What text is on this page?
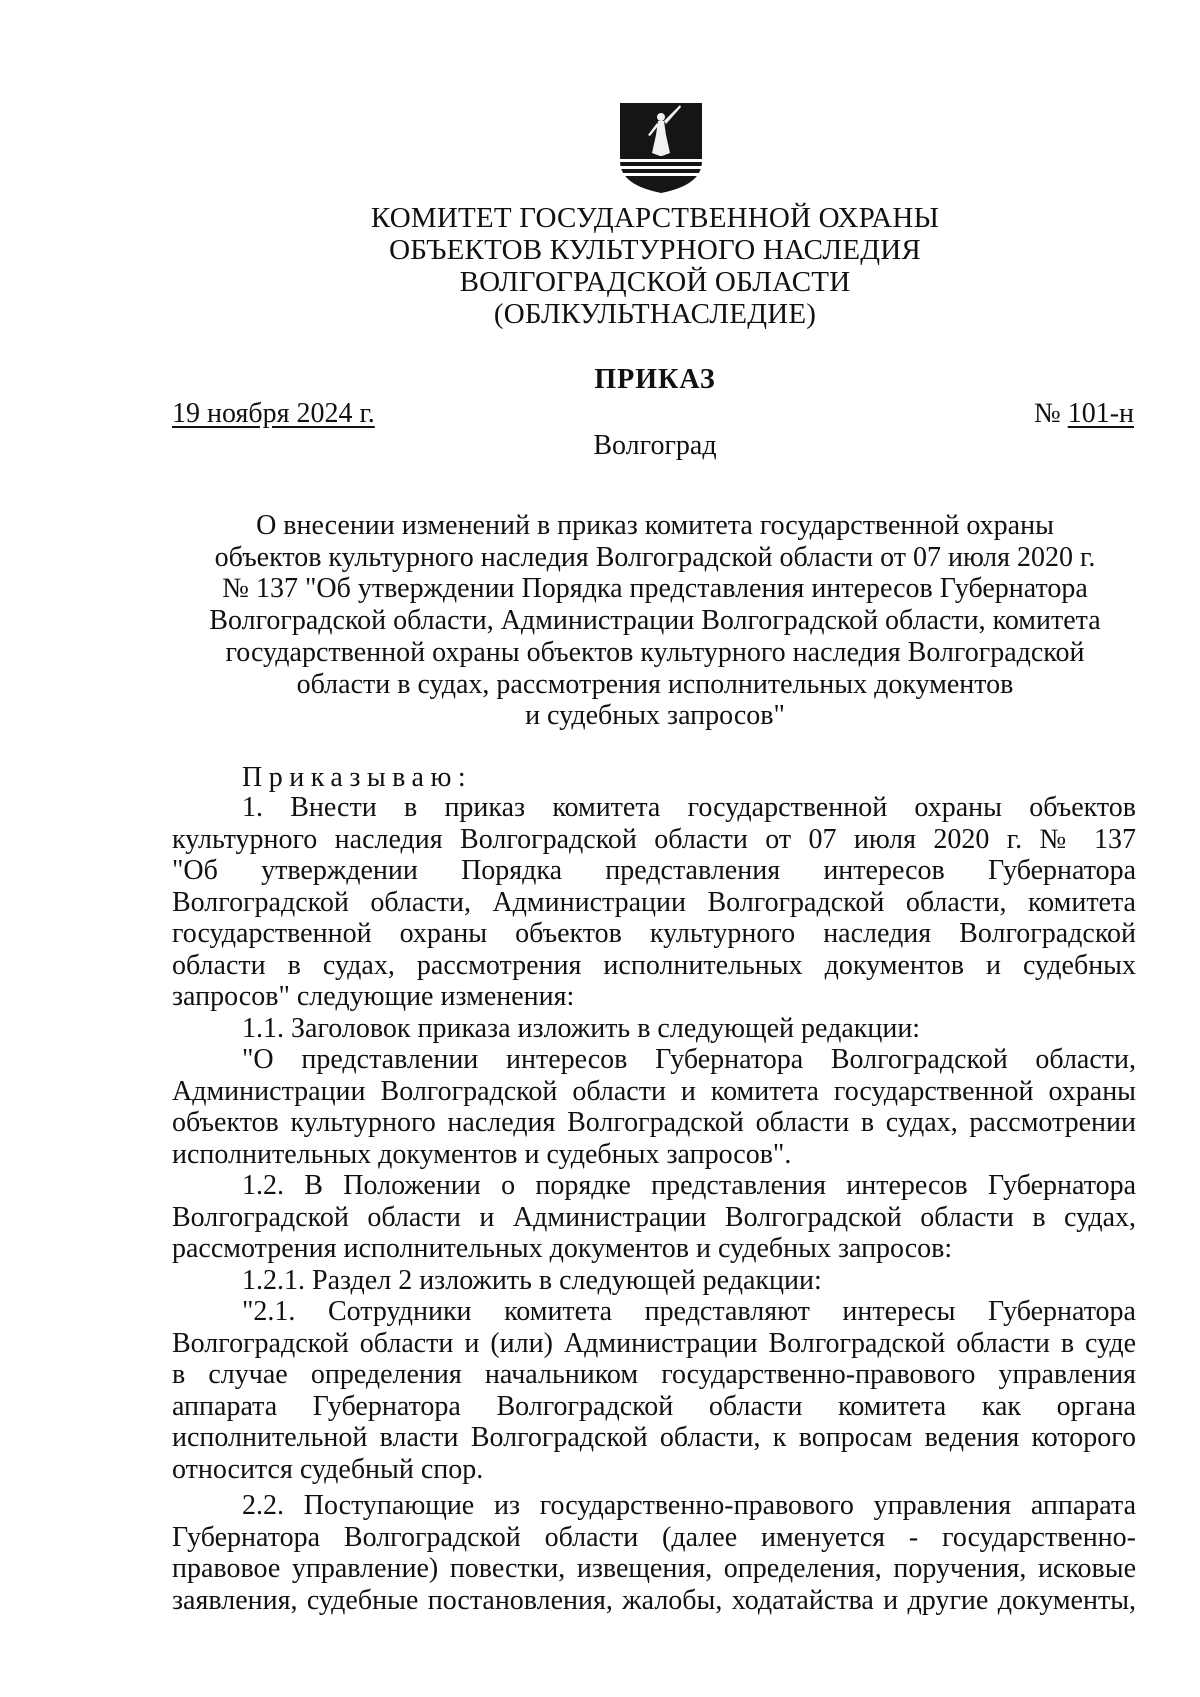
КОМИТЕТ ГОСУДАРСТВЕННОЙ ОХРАНЫ
ОБЪЕКТОВ КУЛЬТУРНОГО НАСЛЕДИЯ
ВОЛГОГРАДСКОЙ ОБЛАСТИ
(ОБЛКУЛЬТНАСЛЕДИЕ)
ПРИКАЗ
19 ноября 2024 г.	№ 101-н
Волгоград
О внесении изменений в приказ комитета государственной охраны
объектов культурного наследия Волгоградской области от 07 июля 2020 г.
№ 137 "Об утверждении Порядка представления интересов Губернатора
Волгоградской области, Администрации Волгоградской области, комитета
государственной охраны объектов культурного наследия Волгоградской
области в судах, рассмотрения исполнительных документов
и судебных запросов"
Приказываю:
1. Внести в приказ комитета государственной охраны объектов
культурного наследия Волгоградской области от 07 июля 2020 г. № 137
"Об утверждении Порядка представления интересов Губернатора
Волгоградской области, Администрации Волгоградской области, комитета
государственной охраны объектов культурного наследия Волгоградской
области в судах, рассмотрения исполнительных документов и судебных
запросов" следующие изменения:
1.1. Заголовок приказа изложить в следующей редакции:
"О представлении интересов Губернатора Волгоградской области,
Администрации Волгоградской области и комитета государственной охраны
объектов культурного наследия Волгоградской области в судах, рассмотрении
исполнительных документов и судебных запросов".
1.2. В Положении о порядке представления интересов Губернатора
Волгоградской области и Администрации Волгоградской области в судах,
рассмотрения исполнительных документов и судебных запросов:
1.2.1. Раздел 2 изложить в следующей редакции:
"2.1. Сотрудники комитета представляют интересы Губернатора
Волгоградской области и (или) Администрации Волгоградской области в суде
в случае определения начальником государственно-правового управления
аппарата Губернатора Волгоградской области комитета как органа
исполнительной власти Волгоградской области, к вопросам ведения которого
относится судебный спор.
2.2. Поступающие из государственно-правового управления аппарата
Губернатора Волгоградской области (далее именуется - государственно-
правовое управление) повестки, извещения, определения, поручения, исковые
заявления, судебные постановления, жалобы, ходатайства и другие документы,
